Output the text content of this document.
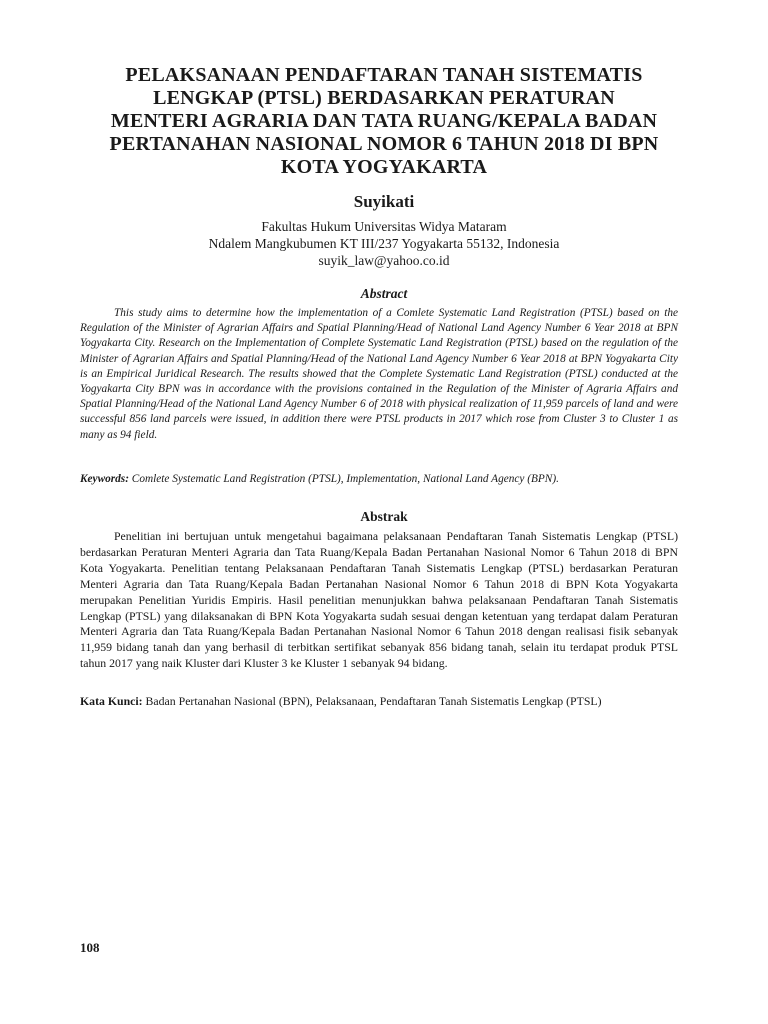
PELAKSANAAN PENDAFTARAN TANAH SISTEMATIS
LENGKAP (PTSL) BERDASARKAN PERATURAN
MENTERI AGRARIA DAN TATA RUANG/KEPALA BADAN
PERTANAHAN NASIONAL NOMOR 6 TAHUN 2018 DI BPN
KOTA YOGYAKARTA
Suyikati
Fakultas Hukum Universitas Widya Mataram
Ndalem Mangkubumen KT III/237 Yogyakarta 55132, Indonesia
suyik_law@yahoo.co.id
Abstract

This study aims to determine how the implementation of a Comlete Systematic Land Registration (PTSL) based on the Regulation of the Minister of Agrarian Affairs and Spatial Planning/Head of National Land Agency Number 6 Year 2018 at BPN Yogyakarta City. Research on the Implementation of Complete Systematic Land Registration (PTSL) based on the regulation of the Minister of Agrarian Affairs and Spatial Planning/Head of the National Land Agency Number 6 Year 2018 at BPN Yogyakarta City is an Empirical Juridical Research. The results showed that the Complete Systematic Land Registration (PTSL) conducted at the Yogyakarta City BPN was in accordance with the provisions contained in the Regulation of the Minister of Agraria Affairs and Spatial Planning/Head of the National Land Agency Number 6 of 2018 with physical realization of 11,959 parcels of land and were successful 856 land parcels were issued, in addition there were PTSL products in 2017 which rose from Cluster 3 to Cluster 1 as many as 94 field.

Keywords: Comlete Systematic Land Registration (PTSL), Implementation, National Land Agency (BPN).
Abstrak

Penelitian ini bertujuan untuk mengetahui bagaimana pelaksanaan Pendaftaran Tanah Sistematis Lengkap (PTSL) berdasarkan Peraturan Menteri Agraria dan Tata Ruang/Kepala Badan Pertanahan Nasional Nomor 6 Tahun 2018 di BPN Kota Yogyakarta. Penelitian tentang Pelaksanaan Pendaftaran Tanah Sistematis Lengkap (PTSL) berdasarkan Peraturan Menteri Agraria dan Tata Ruang/Kepala Badan Pertanahan Nasional Nomor 6 Tahun 2018 di BPN Kota Yogyakarta merupakan Penelitian Yuridis Empiris. Hasil penelitian menunjukkan bahwa pelaksanaan Pendaftaran Tanah Sistematis Lengkap (PTSL) yang dilaksanakan di BPN Kota Yogyakarta sudah sesuai dengan ketentuan yang terdapat dalam Peraturan Menteri Agraria dan Tata Ruang/Kepala Badan Pertanahan Nasional Nomor 6 Tahun 2018 dengan realisasi fisik sebanyak 11,959 bidang tanah dan yang berhasil di terbitkan sertifikat sebanyak 856 bidang tanah, selain itu terdapat produk PTSL tahun 2017 yang naik Kluster dari Kluster 3 ke Kluster 1 sebanyak 94 bidang.

Kata Kunci: Badan Pertanahan Nasional (BPN), Pelaksanaan, Pendaftaran Tanah Sistematis Lengkap (PTSL)
108
